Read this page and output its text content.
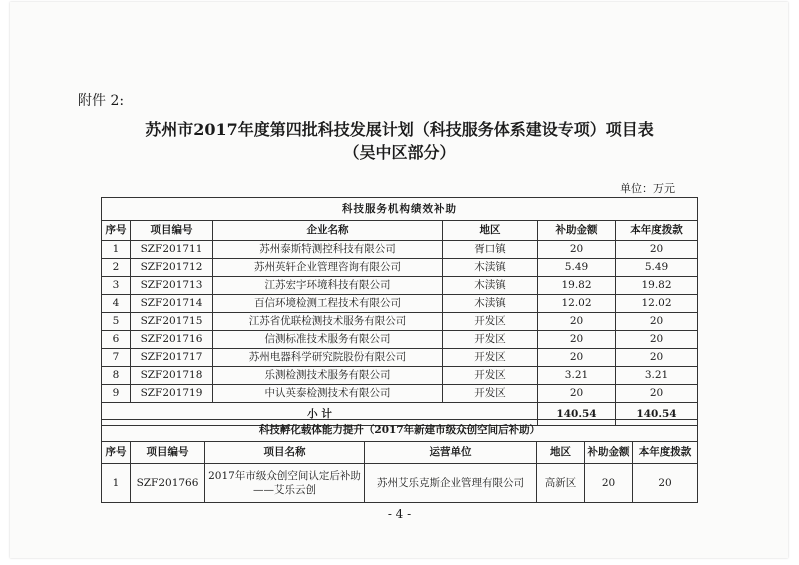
附件 2:
苏州市2017年度第四批科技发展计划（科技服务体系建设专项）项目表
（吴中区部分）
单位：万元
科技服务机构绩效补助					
序号	项目编号	企业名称	地区	补助金额	本年度拨款
1	SZF201711	苏州泰斯特测控科技有限公司	胥口镇	20	20
2	SZF201712	苏州英轩企业管理咨询有限公司	木渎镇	5.49	5.49
3	SZF201713	江苏宏宇环境科技有限公司	木渎镇	19.82	19.82
4	SZF201714	百信环境检测工程技术有限公司	木渎镇	12.02	12.02
5	SZF201715	江苏省优联检测技术服务有限公司	开发区	20	20
6	SZF201716	信测标准技术服务有限公司	开发区	20	20
7	SZF201717	苏州电器科学研究院股份有限公司	开发区	20	20
8	SZF201718	乐测检测技术服务有限公司	开发区	3.21	3.21
9	SZF201719	中认英泰检测技术有限公司	开发区	20	20
小 计				140.54	140.54
科技孵化载体能力提升（2017年新建市级众创空间后补助）						
序号	项目编号	项目名称	运营单位	地区	补助金额	本年度拨款
1	SZF201766	2017年市级众创空间认定后补助——艾乐云创	苏州艾乐克斯企业管理有限公司	高新区	20	20
- 4 -
